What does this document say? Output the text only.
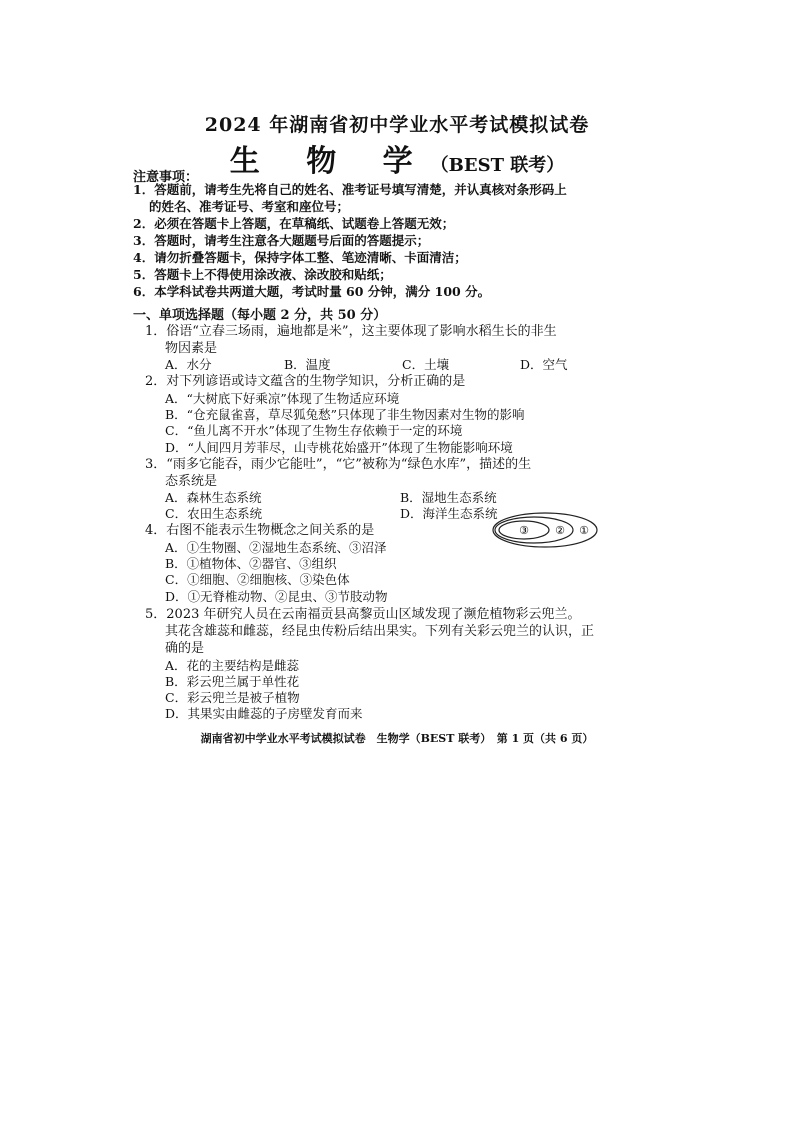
2024 年湖南省初中学业水平考试模拟试卷
生 物 学（BEST 联考）
注意事项：
1．答题前，请考生先将自己的姓名、准考证号填写清楚，并认真核对条形码上
的姓名、准考证号、考室和座位号；
2．必须在答题卡上答题，在草稿纸、试题卷上答题无效；
3．答题时，请考生注意各大题题号后面的答题提示；
4．请勿折叠答题卡，保持字体工整、笔迹清晰、卡面清洁；
5．答题卡上不得使用涂改液、涂改胶和贴纸；
6．本学科试卷共两道大题，考试时量 60 分钟，满分 100 分。
一、单项选择题（每小题 2 分，共 50 分）
1．俗语“立春三场雨，遍地都是米”，这主要体现了影响水稻生长的非生
物因素是
A．水分	B．温度	C．土壤	D．空气
2．对下列谚语或诗文蕴含的生物学知识，分析正确的是
A．“大树底下好乘凉”体现了生物适应环境
B．“仓充鼠雀喜，草尽狐兔愁”只体现了非生物因素对生物的影响
C．“鱼儿离不开水”体现了生物生存依赖于一定的环境
D．“人间四月芳菲尽，山寺桃花始盛开”体现了生物能影响环境
3．“雨多它能吞，雨少它能吐”，“它”被称为“绿色水库”，描述的生
态系统是
A．森林生态系统	B．湿地生态系统
C．农田生态系统	D．海洋生态系统
4．右图不能表示生物概念之间关系的是
A．①生物圈、②湿地生态系统、③沼泽
B．①植物体、②器官、③组织
C．①细胞、②细胞核、③染色体
D．①无脊椎动物、②昆虫、③节肢动物
③ ② ①
5．2023 年研究人员在云南福贡县高黎贡山区域发现了濒危植物彩云兜兰。
其花含雄蕊和雌蕊，经昆虫传粉后结出果实。下列有关彩云兜兰的认识，正
确的是
A．花的主要结构是雌蕊
B．彩云兜兰属于单性花
C．彩云兜兰是被子植物
D．其果实由雌蕊的子房壁发育而来
湖南省初中学业水平考试模拟试卷　生物学（BEST 联考）　第 1 页（共 6 页）
